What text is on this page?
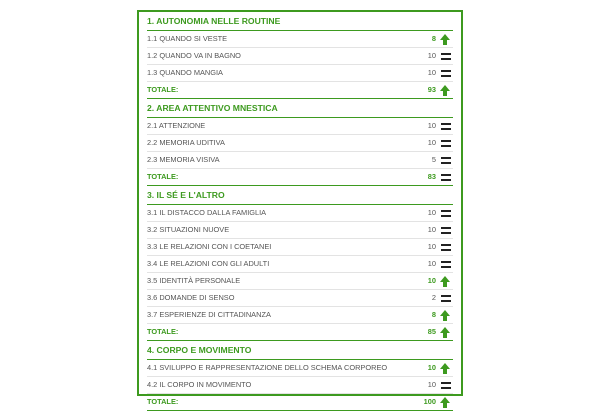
1. AUTONOMIA NELLE ROUTINE
1.1 QUANDO SI VESTE	8
1.2 QUANDO VA IN BAGNO	10
1.3 QUANDO MANGIA	10
TOTALE:	93
2. AREA ATTENTIVO MNESTICA
2.1 ATTENZIONE	10
2.2 MEMORIA UDITIVA	10
2.3 MEMORIA VISIVA	5
TOTALE:	83
3. IL SÉ E L'ALTRO
3.1 IL DISTACCO DALLA FAMIGLIA	10
3.2 SITUAZIONI NUOVE	10
3.3 LE RELAZIONI CON I COETANEI	10
3.4 LE RELAZIONI CON GLI ADULTI	10
3.5 IDENTITÀ PERSONALE	10
3.6 DOMANDE DI SENSO	2
3.7 ESPERIENZE DI CITTADINANZA	8
TOTALE:	85
4. CORPO E MOVIMENTO
4.1 SVILUPPO E RAPPRESENTAZIONE DELLO SCHEMA CORPOREO	10
4.2 IL CORPO IN MOVIMENTO	10
TOTALE:	100
